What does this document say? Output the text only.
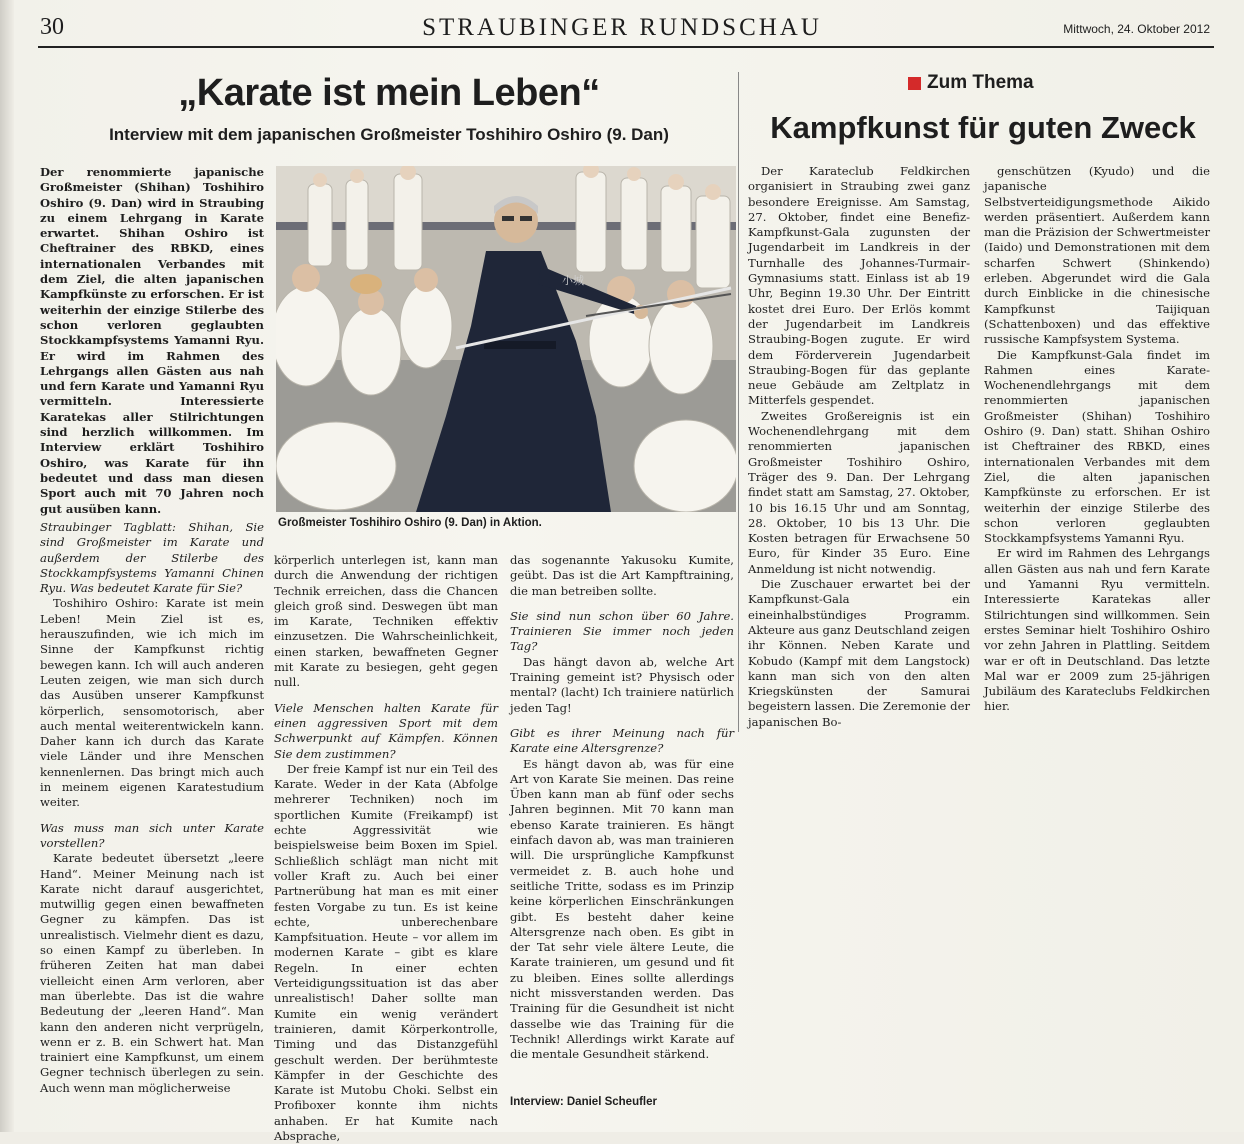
30	STRAUBINGER RUNDSCHAU	Mittwoch, 24. Oktober 2012
„Karate ist mein Leben“
Interview mit dem japanischen Großmeister Toshihiro Oshiro (9. Dan)
Der renommierte japanische Großmeister (Shihan) Toshihiro Oshiro (9. Dan) wird in Straubing zu einem Lehrgang in Karate erwartet. Shihan Oshiro ist Cheftrainer des RBKD, eines internationalen Verbandes mit dem Ziel, die alten japanischen Kampfkünste zu erforschen. Er ist weiterhin der einzige Stilerbe des schon verloren geglaubten Stockkampfsystems Yamanni Ryu. Er wird im Rahmen des Lehrgangs allen Gästen aus nah und fern Karate und Yamanni Ryu vermitteln. Interessierte Karatekas aller Stilrichtungen sind herzlich willkommen. Im Interview erklärt Toshihiro Oshiro, was Karate für ihn bedeutet und dass man diesen Sport auch mit 70 Jahren noch gut ausüben kann.
小城
Großmeister Toshihiro Oshiro (9. Dan) in Aktion.

Straubinger Tagblatt: Shihan, Sie sind Großmeister im Karate und außerdem der Stilerbe des Stockkampfsystems Yamanni Chinen Ryu. Was bedeutet Karate für Sie?

Toshihiro Oshiro: Karate ist mein Leben! Mein Ziel ist es, herauszufinden, wie ich mich im Sinne der Kampfkunst richtig bewegen kann. Ich will auch anderen Leuten zeigen, wie man sich durch das Ausüben unserer Kampfkunst körperlich, sensomotorisch, aber auch mental weiterentwickeln kann. Daher kann ich durch das Karate viele Länder und ihre Menschen kennenlernen. Das bringt mich auch in meinem eigenen Karatestudium weiter.

Was muss man sich unter Karate vorstellen?

Karate bedeutet übersetzt „leere Hand“. Meiner Meinung nach ist Karate nicht darauf ausgerichtet, mutwillig gegen einen bewaffneten Gegner zu kämpfen. Das ist unrealistisch. Vielmehr dient es dazu, so einen Kampf zu überleben. In früheren Zeiten hat man dabei vielleicht einen Arm verloren, aber man überlebte. Das ist die wahre Bedeutung der „leeren Hand“. Man kann den anderen nicht verprügeln, wenn er z. B. ein Schwert hat. Man trainiert eine Kampfkunst, um einem Gegner technisch überlegen zu sein. Auch wenn man möglicherweise

körperlich unterlegen ist, kann man durch die Anwendung der richtigen Technik erreichen, dass die Chancen gleich groß sind. Deswegen übt man im Karate, Techniken effektiv einzusetzen. Die Wahrscheinlichkeit, einen starken, bewaffneten Gegner mit Karate zu besiegen, geht gegen null.

Viele Menschen halten Karate für einen aggressiven Sport mit dem Schwerpunkt auf Kämpfen. Können Sie dem zustimmen?

Der freie Kampf ist nur ein Teil des Karate. Weder in der Kata (Abfolge mehrerer Techniken) noch im sportlichen Kumite (Freikampf) ist echte Aggressivität wie beispielsweise beim Boxen im Spiel. Schließlich schlägt man nicht mit voller Kraft zu. Auch bei einer Partnerübung hat man es mit einer festen Vorgabe zu tun. Es ist keine echte, unberechenbare Kampfsituation. Heute – vor allem im modernen Karate – gibt es klare Regeln. In einer echten Verteidigungssituation ist das aber unrealistisch! Daher sollte man Kumite ein wenig verändert trainieren, damit Körperkontrolle, Timing und das Distanzgefühl geschult werden. Der berühmteste Kämpfer in der Geschichte des Karate ist Mutobu Choki. Selbst ein Profiboxer konnte ihm nichts anhaben. Er hat Kumite nach Absprache,

das sogenannte Yakusoku Kumite, geübt. Das ist die Art Kampftraining, die man betreiben sollte.

Sie sind nun schon über 60 Jahre. Trainieren Sie immer noch jeden Tag?

Das hängt davon ab, welche Art Training gemeint ist? Physisch oder mental? (lacht) Ich trainiere natürlich jeden Tag!

Gibt es ihrer Meinung nach für Karate eine Altersgrenze?

Es hängt davon ab, was für eine Art von Karate Sie meinen. Das reine Üben kann man ab fünf oder sechs Jahren beginnen. Mit 70 kann man ebenso Karate trainieren. Es hängt einfach davon ab, was man trainieren will. Die ursprüngliche Kampfkunst vermeidet z. B. auch hohe und seitliche Tritte, sodass es im Prinzip keine körperlichen Einschränkungen gibt. Es besteht daher keine Altersgrenze nach oben. Es gibt in der Tat sehr viele ältere Leute, die Karate trainieren, um gesund und fit zu bleiben. Eines sollte allerdings nicht missverstanden werden. Das Training für die Gesundheit ist nicht dasselbe wie das Training für die Technik! Allerdings wirkt Karate auf die mentale Gesundheit stärkend.

Interview: Daniel Scheufler
Zum Thema
Kampfkunst für guten Zweck

Der Karateclub Feldkirchen organisiert in Straubing zwei ganz besondere Ereignisse. Am Samstag, 27. Oktober, findet eine Benefiz-Kampfkunst-Gala zugunsten der Jugendarbeit im Landkreis in der Turnhalle des Johannes-Turmair-Gymnasiums statt. Einlass ist ab 19 Uhr, Beginn 19.30 Uhr. Der Eintritt kostet drei Euro. Der Erlös kommt der Jugendarbeit im Landkreis Straubing-Bogen zugute. Er wird dem Förderverein Jugendarbeit Straubing-Bogen für das geplante neue Gebäude am Zeltplatz in Mitterfels gespendet.

Zweites Großereignis ist ein Wochenendlehrgang mit dem renommierten japanischen Großmeister Toshihiro Oshiro, Träger des 9. Dan. Der Lehrgang findet statt am Samstag, 27. Oktober, 10 bis 16.15 Uhr und am Sonntag, 28. Oktober, 10 bis 13 Uhr. Die Kosten betragen für Erwachsene 50 Euro, für Kinder 35 Euro. Eine Anmeldung ist nicht notwendig.

Die Zuschauer erwartet bei der Kampfkunst-Gala ein eineinhalbstündiges Programm. Akteure aus ganz Deutschland zeigen ihr Können. Neben Karate und Kobudo (Kampf mit dem Langstock) kann man sich von den alten Kriegskünsten der Samurai begeistern lassen. Die Zeremonie der japanischen Bo-

genschützen (Kyudo) und die japanische Selbstverteidigungsmethode Aikido werden präsentiert. Außerdem kann man die Präzision der Schwertmeister (Iaido) und Demonstrationen mit dem scharfen Schwert (Shinkendo) erleben. Abgerundet wird die Gala durch Einblicke in die chinesische Kampfkunst Taijiquan (Schattenboxen) und das effektive russische Kampfsystem Systema.

Die Kampfkunst-Gala findet im Rahmen eines Karate-Wochenendlehrgangs mit dem renommierten japanischen Großmeister (Shihan) Toshihiro Oshiro (9. Dan) statt. Shihan Oshiro ist Cheftrainer des RBKD, eines internationalen Verbandes mit dem Ziel, die alten japanischen Kampfkünste zu erforschen. Er ist weiterhin der einzige Stilerbe des schon verloren geglaubten Stockkampfsystems Yamanni Ryu.

Er wird im Rahmen des Lehrgangs allen Gästen aus nah und fern Karate und Yamanni Ryu vermitteln. Interessierte Karatekas aller Stilrichtungen sind willkommen. Sein erstes Seminar hielt Toshihiro Oshiro vor zehn Jahren in Plattling. Seitdem war er oft in Deutschland. Das letzte Mal war er 2009 zum 25-jährigen Jubiläum des Karateclubs Feldkirchen hier.
